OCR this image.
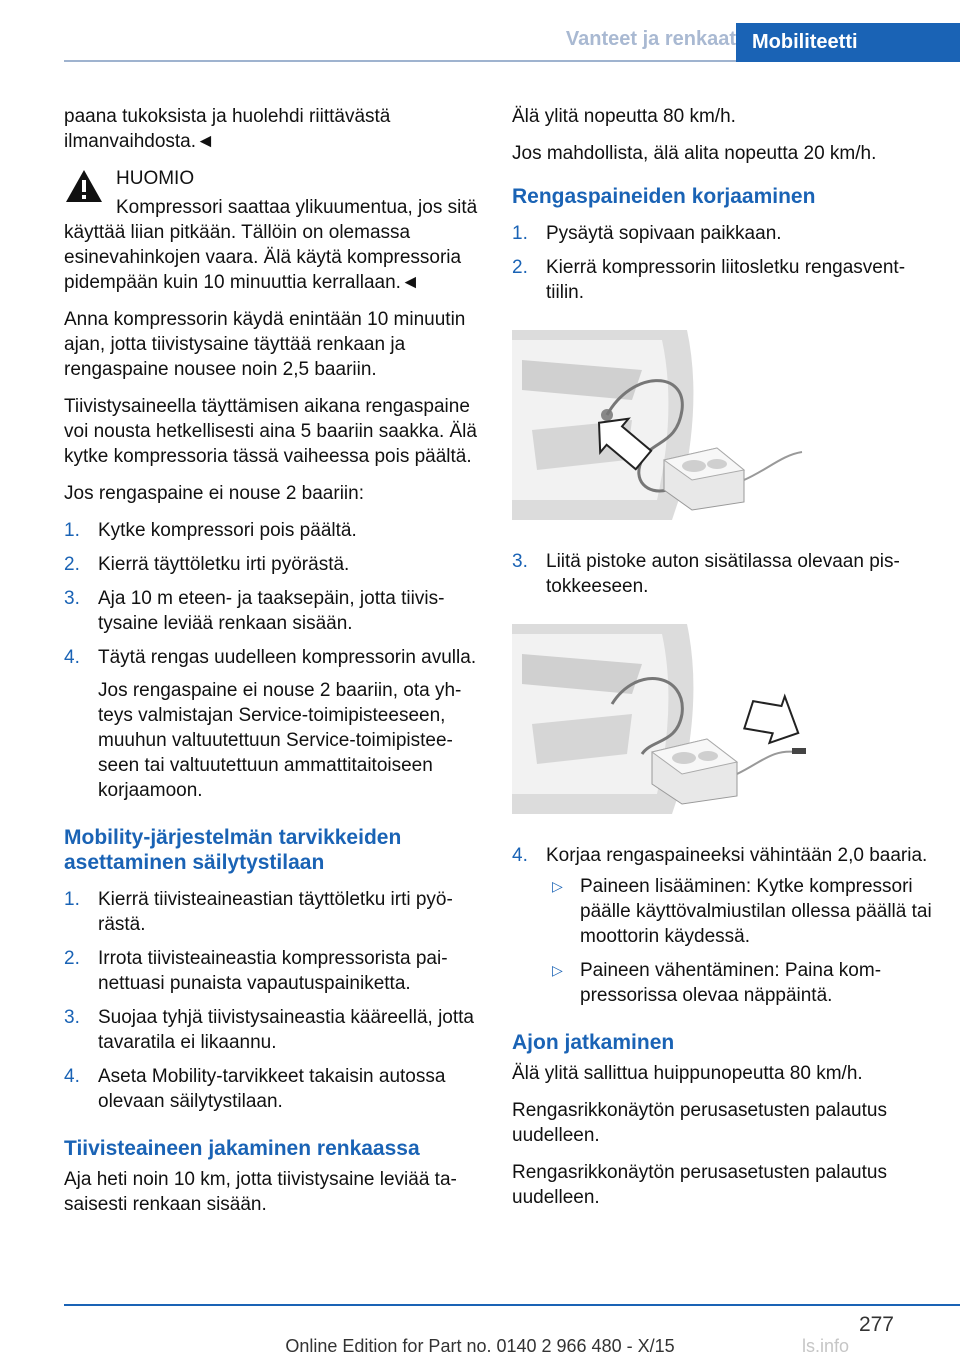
Vanteet ja renkaat Mobiliteetti

paana tukoksista ja huolehdi riittävästä ilmanvaihdosta.◄

HUOMIO

Kompressori saattaa ylikuumentua, jos sitä käyttää liian pitkään. Tällöin on olemassa esinevahinkojen vaara. Älä käytä kompressoria pidempään kuin 10 minuuttia kerrallaan.◄

Anna kompressorin käydä enintään 10 minuutin ajan, jotta tiivistysaine täyttää renkaan ja rengaspaine nousee noin 2,5 baariin.

Tiivistysaineella täyttämisen aikana rengaspaine voi nousta hetkellisesti aina 5 baariin saakka. Älä kytke kompressoria tässä vaiheessa pois päältä.

Jos rengaspaine ei nouse 2 baariin:

1. Kytke kompressori pois päältä.
2. Kierrä täyttöletku irti pyörästä.
3. Aja 10 m eteen- ja taaksepäin, jotta tiivistysaine leviää renkaan sisään.
4. Täytä rengas uudelleen kompressorin avulla.
Jos rengaspaine ei nouse 2 baariin, ota yhteys valmistajan Service-toimipisteeseen, muuhun valtuutettuun Service-toimipisteeseen tai valtuutettuun ammattitaitoiseen korjaamoon.
Mobility-järjestelmän tarvikkeiden asettaminen säilytystilaan
1. Kierrä tiivisteaineastian täyttöletku irti pyörästä.
2. Irrota tiivisteaineastia kompressorista painettuasi punaista vapautuspainiketta.
3. Suojaa tyhjä tiivistysaineastia kääreellä, jotta tavaratila ei likaannu.
4. Aseta Mobility-tarvikkeet takaisin autossa olevaan säilytystilaan.
Tiivisteaineen jakaminen renkaassa

Aja heti noin 10 km, jotta tiivistysaine leviää tasaisesti renkaan sisään.

Älä ylitä nopeutta 80 km/h.

Jos mahdollista, älä alita nopeutta 20 km/h.

Rengaspaineiden korjaaminen
1. Pysäytä sopivaan paikkaan.
2. Kierrä kompressorin liitosletku rengasventtiilin.
3. Liitä pistoke auton sisätilassa olevaan pistokkeeseen.
4. Korjaa rengaspaineeksi vähintään 2,0 baaria.
▷ Paineen lisääminen: Kytke kompressori päälle käyttövalmiustilan ollessa päällä tai moottorin käydessä.
▷ Paineen vähentäminen: Paina kompressorissa olevaa näppäintä.
Ajon jatkaminen

Älä ylitä sallittua huippunopeutta 80 km/h.

Rengasrikkonäytön perusasetusten palautus uudelleen.

Rengasrikkonäytön perusasetusten palautus uudelleen.

277
Online Edition for Part no. 0140 2 966 480 - X/15	ls.info
